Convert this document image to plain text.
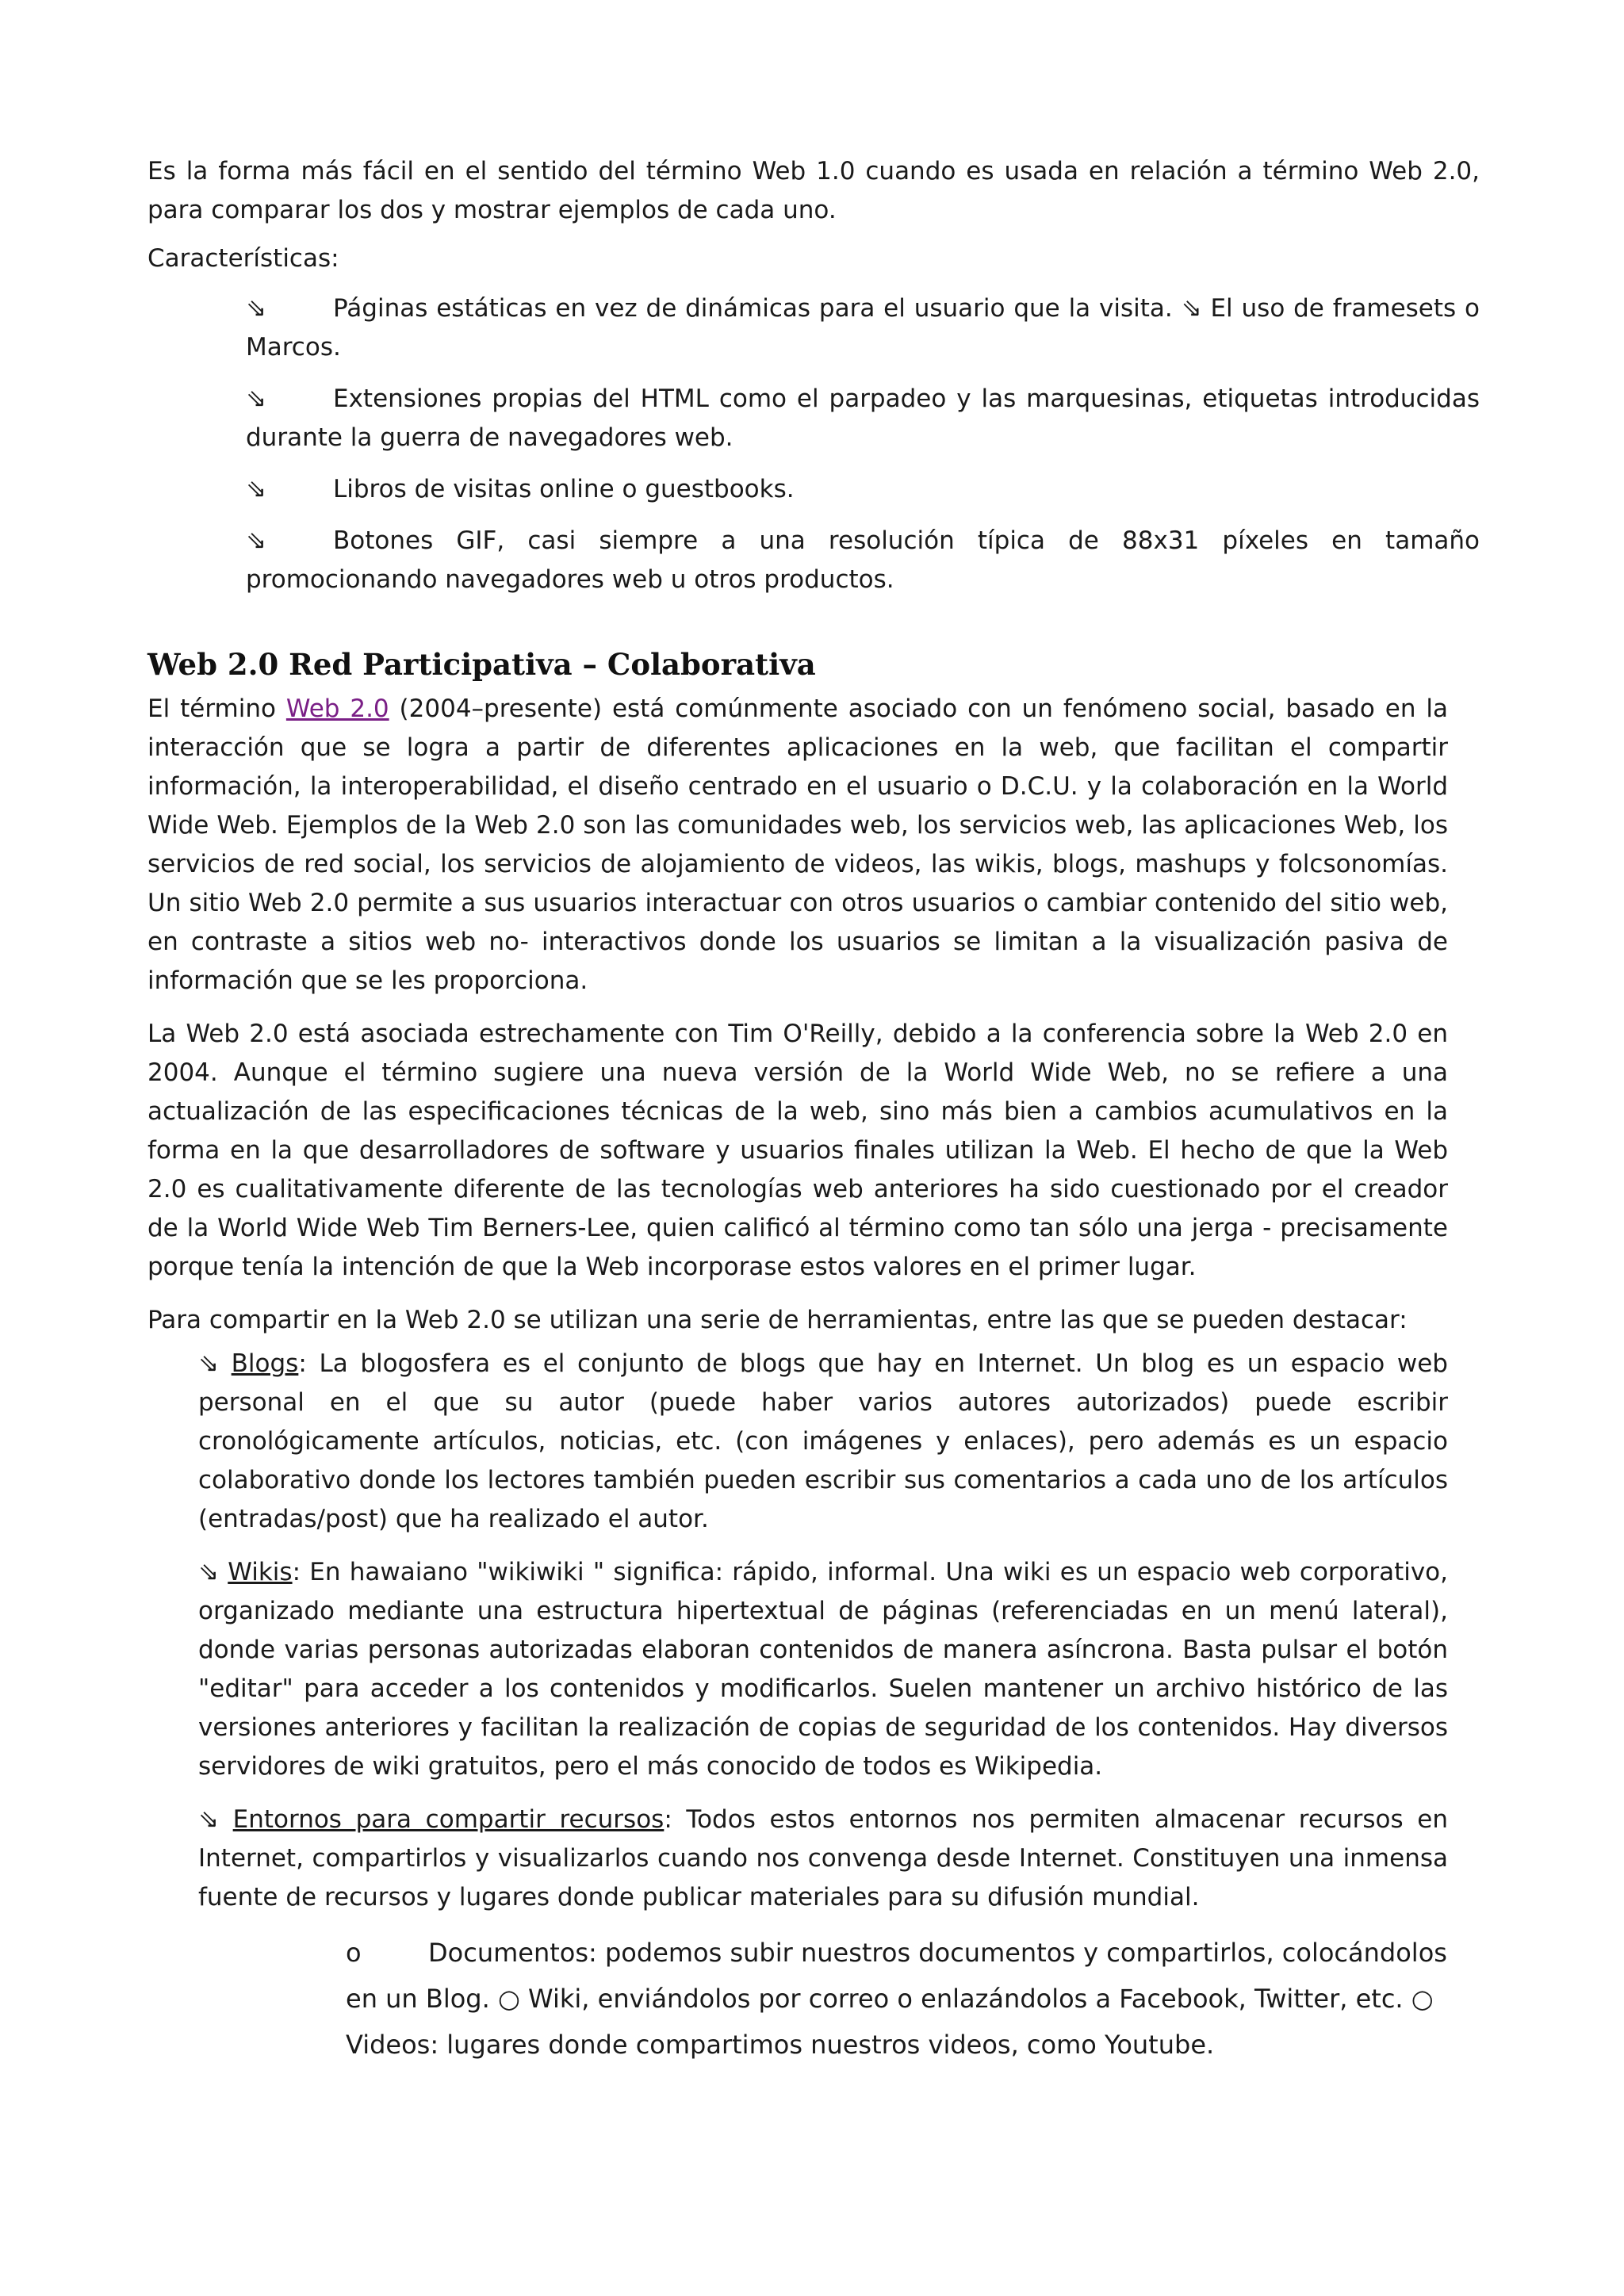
Es la forma más fácil en el sentido del término Web 1.0 cuando es usada en relación a término Web 2.0, para comparar los dos y mostrar ejemplos de cada uno.

Características:

⇘	Páginas estáticas en vez de dinámicas para el usuario que la visita. ⇘ El uso de framesets o Marcos.

⇘	Extensiones propias del HTML como el parpadeo y las marquesinas, etiquetas introducidas durante la guerra de navegadores web.

⇘	Libros de visitas online o guestbooks.

⇘	Botones GIF, casi siempre a una resolución típica de 88x31 píxeles en tamaño promocionando navegadores web u otros productos.

Web 2.0 Red Participativa – Colaborativa

El término Web 2.0 (2004–presente) está comúnmente asociado con un fenómeno social, basado en la interacción que se logra a partir de diferentes aplicaciones en la web, que facilitan el compartir información, la interoperabilidad, el diseño centrado en el usuario o D.C.U. y la colaboración en la World Wide Web. Ejemplos de la Web 2.0 son las comunidades web, los servicios web, las aplicaciones Web, los servicios de red social, los servicios de alojamiento de videos, las wikis, blogs, mashups y folcsonomías. Un sitio Web 2.0 permite a sus usuarios interactuar con otros usuarios o cambiar contenido del sitio web, en contraste a sitios web no- interactivos donde los usuarios se limitan a la visualización pasiva de información que se les proporciona.

La Web 2.0 está asociada estrechamente con Tim O'Reilly, debido a la conferencia sobre la Web 2.0 en 2004. Aunque el término sugiere una nueva versión de la World Wide Web, no se refiere a una actualización de las especificaciones técnicas de la web, sino más bien a cambios acumulativos en la forma en la que desarrolladores de software y usuarios finales utilizan la Web. El hecho de que la Web 2.0 es cualitativamente diferente de las tecnologías web anteriores ha sido cuestionado por el creador de la World Wide Web Tim Berners-Lee, quien calificó al término como tan sólo una jerga - precisamente porque tenía la intención de que la Web incorporase estos valores en el primer lugar.

Para compartir en la Web 2.0 se utilizan una serie de herramientas, entre las que se pueden destacar:

⇘ Blogs: La blogosfera es el conjunto de blogs que hay en Internet. Un blog es un espacio web personal en el que su autor (puede haber varios autores autorizados) puede escribir cronológicamente artículos, noticias, etc. (con imágenes y enlaces), pero además es un espacio colaborativo donde los lectores también pueden escribir sus comentarios a cada uno de los artículos (entradas/post) que ha realizado el autor.

⇘ Wikis: En hawaiano "wikiwiki " significa: rápido, informal. Una wiki es un espacio web corporativo, organizado mediante una estructura hipertextual de páginas (referenciadas en un menú lateral), donde varias personas autorizadas elaboran contenidos de manera asíncrona. Basta pulsar el botón "editar" para acceder a los contenidos y modificarlos. Suelen mantener un archivo histórico de las versiones anteriores y facilitan la realización de copias de seguridad de los contenidos. Hay diversos servidores de wiki gratuitos, pero el más conocido de todos es Wikipedia.

⇘ Entornos para compartir recursos: Todos estos entornos nos permiten almacenar recursos en Internet, compartirlos y visualizarlos cuando nos convenga desde Internet. Constituyen una inmensa fuente de recursos y lugares donde publicar materiales para su difusión mundial.

o	Documentos: podemos subir nuestros documentos y compartirlos, colocándolos en un Blog. ○ Wiki, enviándolos por correo o enlazándolos a Facebook, Twitter, etc. ○ Videos: lugares donde compartimos nuestros videos, como Youtube.
